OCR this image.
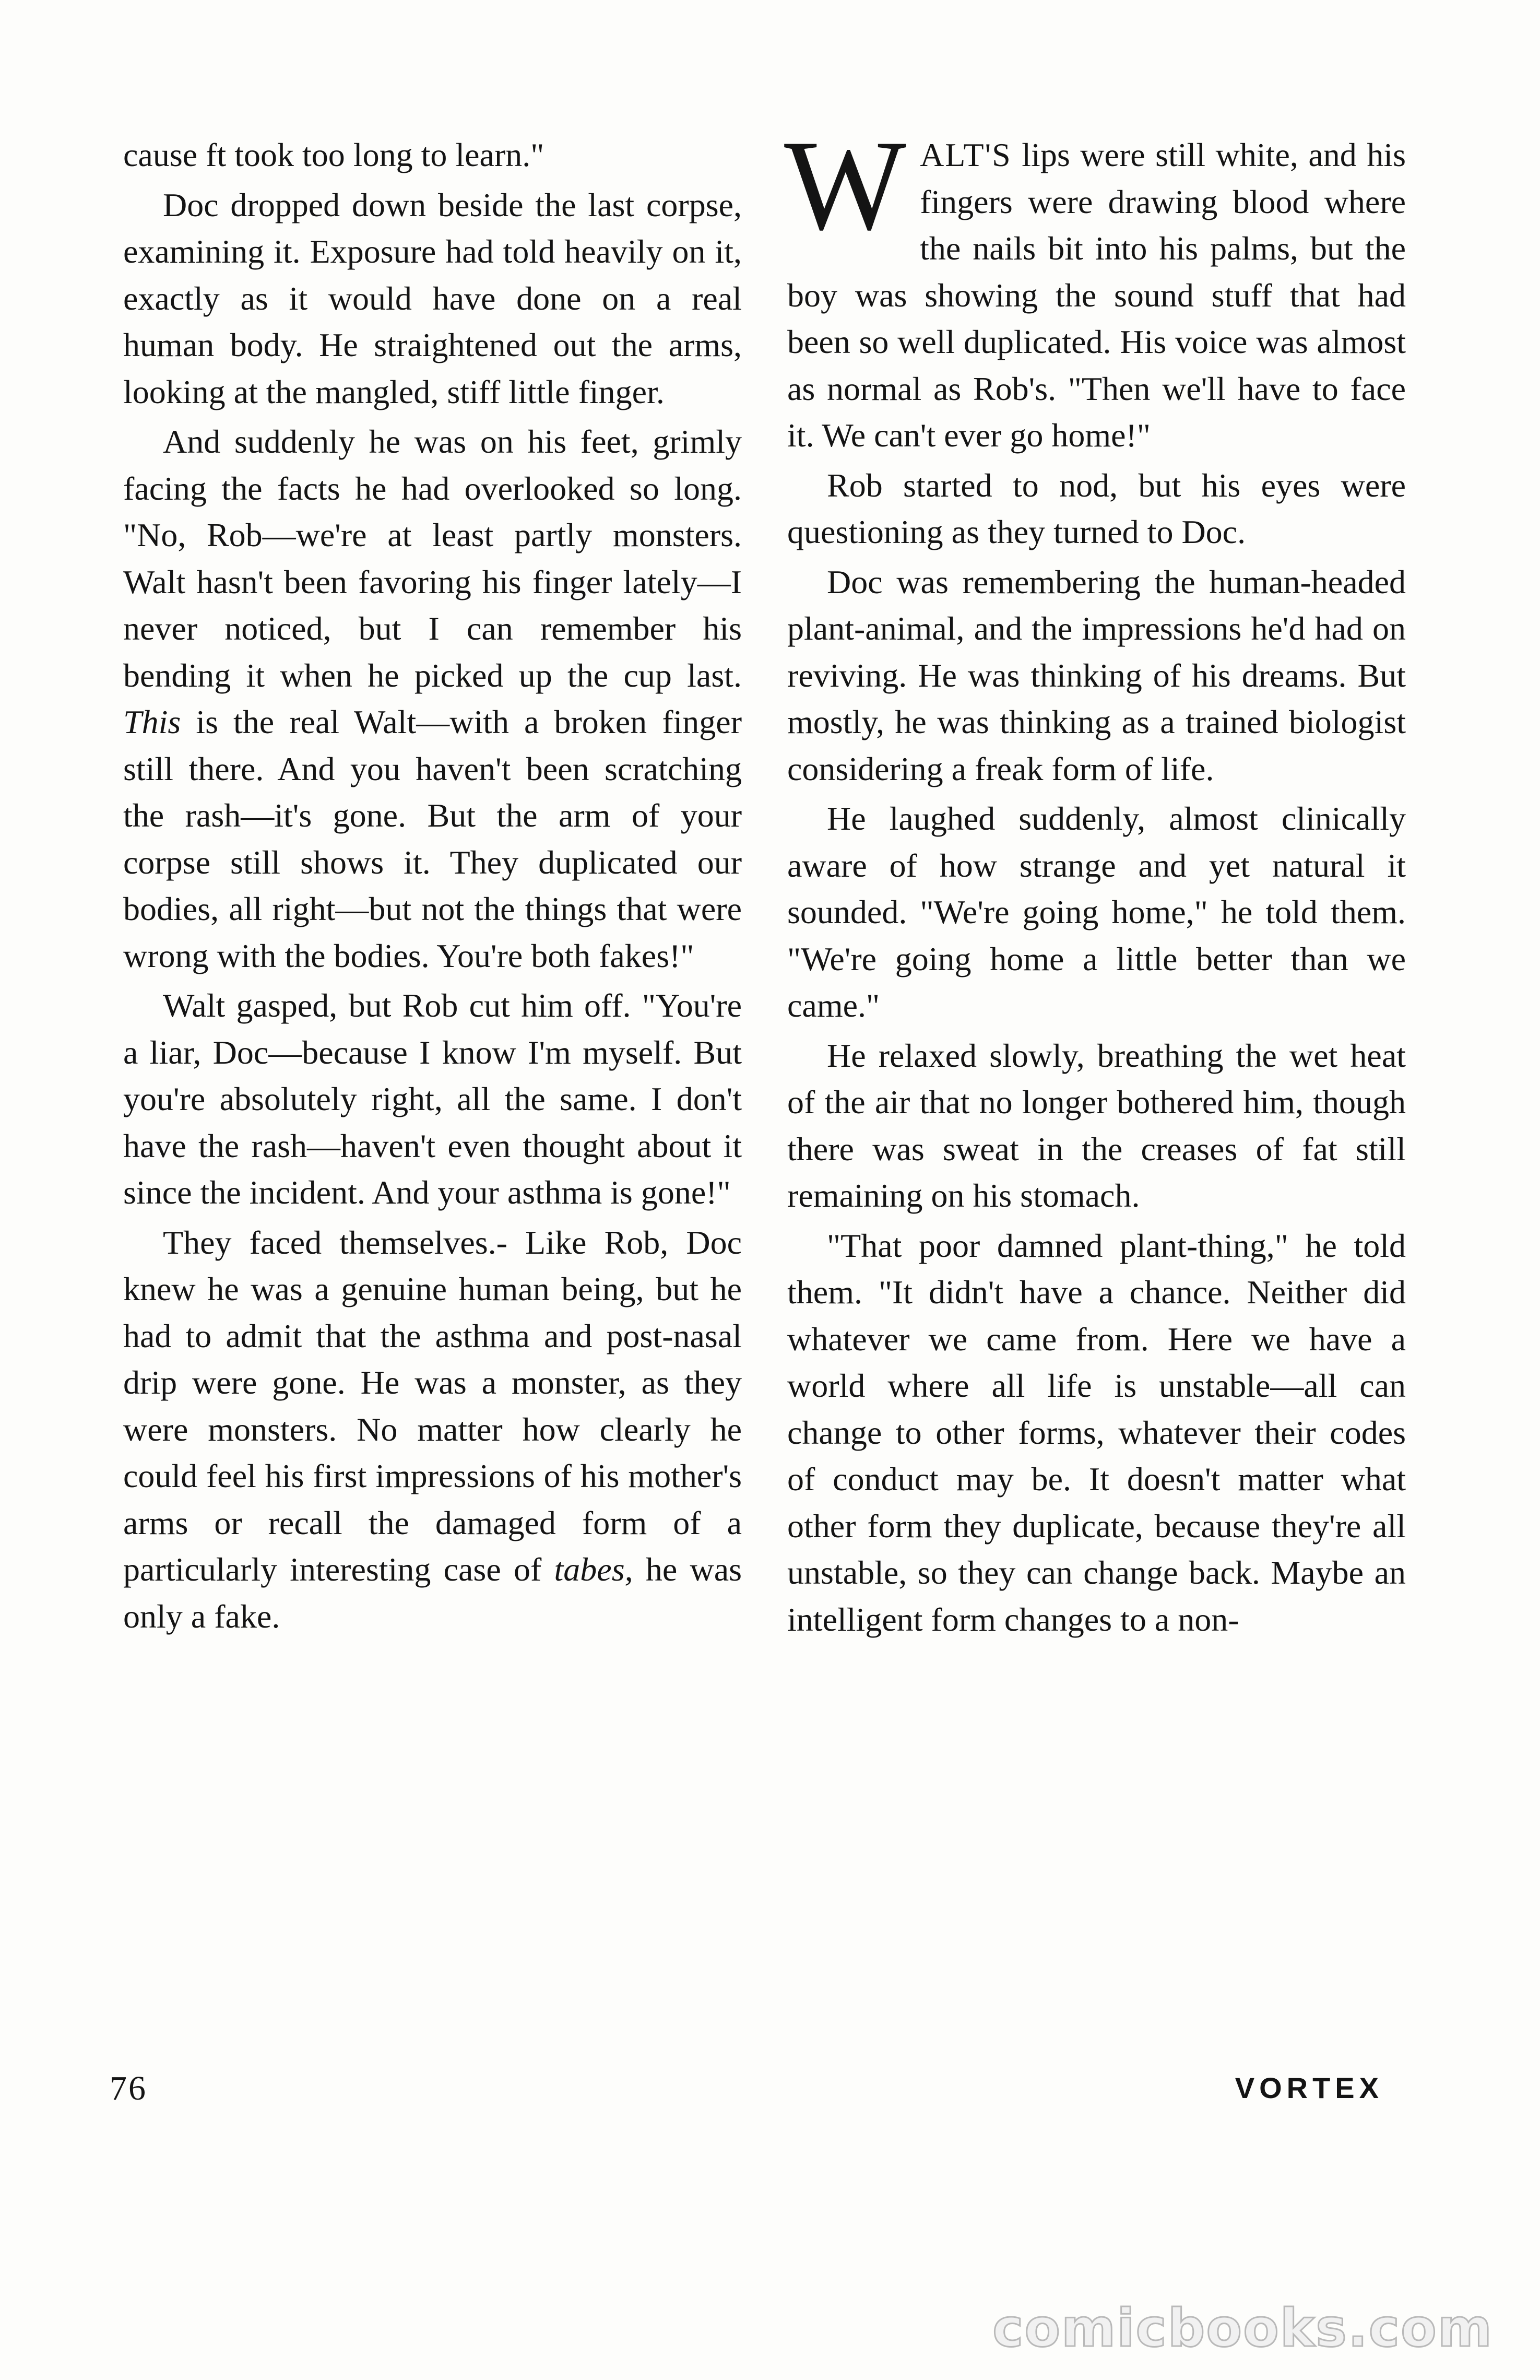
cause ft took too long to learn."

Doc dropped down beside the last corpse, examining it. Exposure had told heavily on it, exactly as it would have done on a real human body. He straightened out the arms, looking at the mangled, stiff little finger.

And suddenly he was on his feet, grimly facing the facts he had overlooked so long. "No, Rob—we're at least partly monsters. Walt hasn't been favoring his finger lately—I never noticed, but I can remember his bending it when he picked up the cup last. This is the real Walt—with a broken finger still there. And you haven't been scratching the rash—it's gone. But the arm of your corpse still shows it. They duplicated our bodies, all right—but not the things that were wrong with the bodies. You're both fakes!"

Walt gasped, but Rob cut him off. "You're a liar, Doc—because I know I'm myself. But you're absolutely right, all the same. I don't have the rash—haven't even thought about it since the incident. And your asthma is gone!"

They faced themselves.- Like Rob, Doc knew he was a genuine human being, but he had to admit that the asthma and post-nasal drip were gone. He was a monster, as they were monsters. No matter how clearly he could feel his first impressions of his mother's arms or recall the damaged form of a particularly interesting case of tabes, he was only a fake.

WALT'S lips were still white, and his fingers were drawing blood where the nails bit into his palms, but the boy was showing the sound stuff that had been so well duplicated. His voice was almost as normal as Rob's. "Then we'll have to face it. We can't ever go home!"

Rob started to nod, but his eyes were questioning as they turned to Doc.

Doc was remembering the human-headed plant-animal, and the impressions he'd had on reviving. He was thinking of his dreams. But mostly, he was thinking as a trained biologist considering a freak form of life.

He laughed suddenly, almost clinically aware of how strange and yet natural it sounded. "We're going home," he told them. "We're going home a little better than we came."

He relaxed slowly, breathing the wet heat of the air that no longer bothered him, though there was sweat in the creases of fat still remaining on his stomach.

"That poor damned plant-thing," he told them. "It didn't have a chance. Neither did whatever we came from. Here we have a world where all life is unstable—all can change to other forms, whatever their codes of conduct may be. It doesn't matter what other form they duplicate, because they're all unstable, so they can change back. Maybe an intelligent form changes to a non-

76	VORTEX
comicbooks.com
